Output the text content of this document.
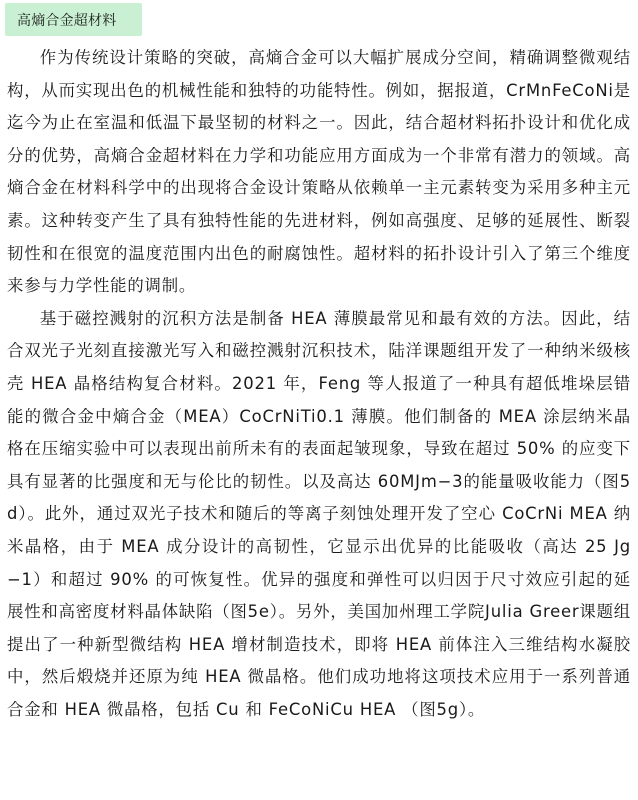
高熵合金超材料

作为传统设计策略的突破，高熵合金可以大幅扩展成分空间，精确调整微观结构，从而实现出色的机械性能和独特的功能特性。例如，据报道，CrMnFeCoNi是迄今为止在室温和低温下最坚韧的材料之一。因此，结合超材料拓扑设计和优化成分的优势，高熵合金超材料在力学和功能应用方面成为一个非常有潜力的领域。高熵合金在材料科学中的出现将合金设计策略从依赖单一主元素转变为采用多种主元素。这种转变产生了具有独特性能的先进材料，例如高强度、足够的延展性、断裂韧性和在很宽的温度范围内出色的耐腐蚀性。超材料的拓扑设计引入了第三个维度来参与力学性能的调制。

基于磁控溅射的沉积方法是制备 HEA 薄膜最常见和最有效的方法。因此，结合双光子光刻直接激光写入和磁控溅射沉积技术，陆洋课题组开发了一种纳米级核壳 HEA 晶格结构复合材料。2021 年，Feng 等人报道了一种具有超低堆垛层错能的微合金中熵合金（MEA）CoCrNiTi0.1 薄膜。他们制备的 MEA 涂层纳米晶格在压缩实验中可以表现出前所未有的表面起皱现象，导致在超过 50% 的应变下具有显著的比强度和无与伦比的韧性。以及高达 60MJm−3的能量吸收能力（图5d）。此外，通过双光子技术和随后的等离子刻蚀处理开发了空心 CoCrNi MEA 纳米晶格，由于 MEA 成分设计的高韧性，它显示出优异的比能吸收（高达 25 Jg−1）和超过 90% 的可恢复性。优异的强度和弹性可以归因于尺寸效应引起的延展性和高密度材料晶体缺陷（图5e）。另外，美国加州理工学院Julia Greer课题组提出了一种新型微结构 HEA 增材制造技术，即将 HEA 前体注入三维结构水凝胶中，然后煅烧并还原为纯 HEA 微晶格。他们成功地将这项技术应用于一系列普通合金和 HEA 微晶格，包括 Cu 和 FeCoNiCu HEA （图5g）。
